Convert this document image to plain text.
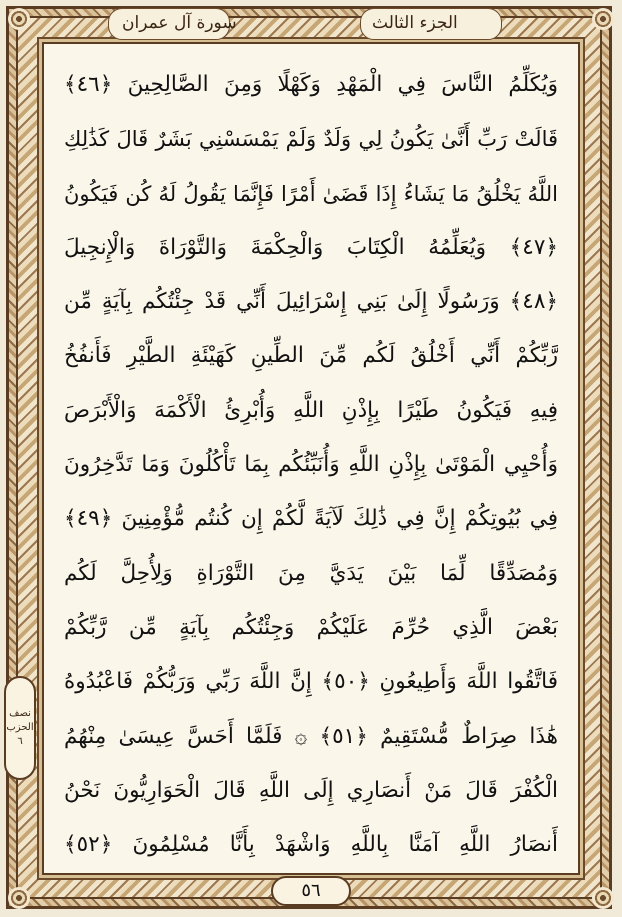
الجزء الثالث
سورة آل عمران
وَيُكَلِّمُ النَّاسَ فِي الْمَهْدِ وَكَهْلًا وَمِنَ الصَّالِحِينَ ﴿٤٦﴾
قَالَتْ رَبِّ أَنَّىٰ يَكُونُ لِي وَلَدٌ وَلَمْ يَمْسَسْنِي بَشَرٌ قَالَ كَذَٰلِكِ
اللَّهُ يَخْلُقُ مَا يَشَاءُ إِذَا قَضَىٰ أَمْرًا فَإِنَّمَا يَقُولُ لَهُ كُن فَيَكُونُ
﴿٤٧﴾ وَيُعَلِّمُهُ الْكِتَابَ وَالْحِكْمَةَ وَالتَّوْرَاةَ وَالْإِنجِيلَ
﴿٤٨﴾ وَرَسُولًا إِلَىٰ بَنِي إِسْرَائِيلَ أَنِّي قَدْ جِئْتُكُم بِآيَةٍ مِّن
رَّبِّكُمْ أَنِّي أَخْلُقُ لَكُم مِّنَ الطِّينِ كَهَيْئَةِ الطَّيْرِ فَأَنفُخُ
فِيهِ فَيَكُونُ طَيْرًا بِإِذْنِ اللَّهِ وَأُبْرِئُ الْأَكْمَهَ وَالْأَبْرَصَ
وَأُحْيِي الْمَوْتَىٰ بِإِذْنِ اللَّهِ وَأُنَبِّئُكُم بِمَا تَأْكُلُونَ وَمَا تَدَّخِرُونَ
فِي بُيُوتِكُمْ إِنَّ فِي ذَٰلِكَ لَآيَةً لَّكُمْ إِن كُنتُم مُّؤْمِنِينَ ﴿٤٩﴾
وَمُصَدِّقًا لِّمَا بَيْنَ يَدَيَّ مِنَ التَّوْرَاةِ وَلِأُحِلَّ لَكُم
بَعْضَ الَّذِي حُرِّمَ عَلَيْكُمْ وَجِئْتُكُم بِآيَةٍ مِّن رَّبِّكُمْ
فَاتَّقُوا اللَّهَ وَأَطِيعُونِ ﴿٥٠﴾ إِنَّ اللَّهَ رَبِّي وَرَبُّكُمْ فَاعْبُدُوهُ
هَٰذَا صِرَاطٌ مُّسْتَقِيمٌ ﴿٥١﴾ ۞ فَلَمَّا أَحَسَّ عِيسَىٰ مِنْهُمُ
الْكُفْرَ قَالَ مَنْ أَنصَارِي إِلَى اللَّهِ قَالَ الْحَوَارِيُّونَ نَحْنُ
أَنصَارُ اللَّهِ آمَنَّا بِاللَّهِ وَاشْهَدْ بِأَنَّا مُسْلِمُونَ ﴿٥٢﴾
نصف
الحزب
٦
٥٦
